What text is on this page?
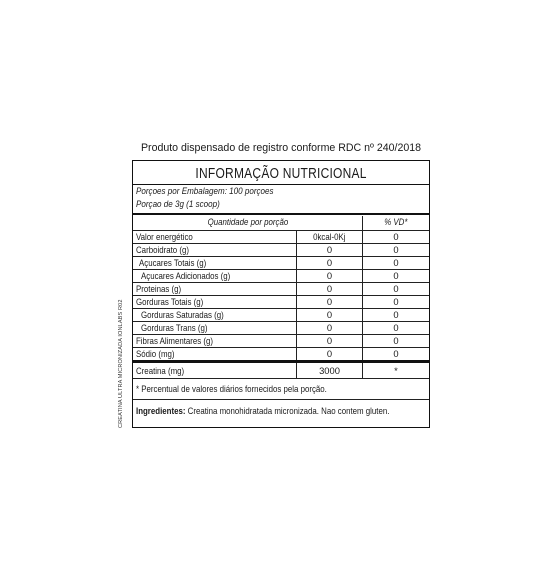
Produto dispensado de registro conforme RDC nº 240/2018
CREATINA ULTRA MICRONIZADA IONLABS R02
INFORMAÇÃO NUTRICIONAL
Porçoes por Embalagem: 100 porçoes
Porçao de 3g (1 scoop)
Quantidade por porção	% VD*
Valor energético	0kcal-0Kj	0
Carboidrato (g)	0	0
Açucares Totais (g)	0	0
Açucares Adicionados (g)	0	0
Proteinas (g)	0	0
Gorduras Totais (g)	0	0
Gorduras Saturadas (g)	0	0
Gorduras Trans (g)	0	0
Fibras Alimentares (g)	0	0
Sódio (mg)	0	0
Creatina (mg)	3000	*
* Percentual de valores diários fornecidos pela porção.
Ingredientes: Creatina monohidratada micronizada. Nao contem gluten.
